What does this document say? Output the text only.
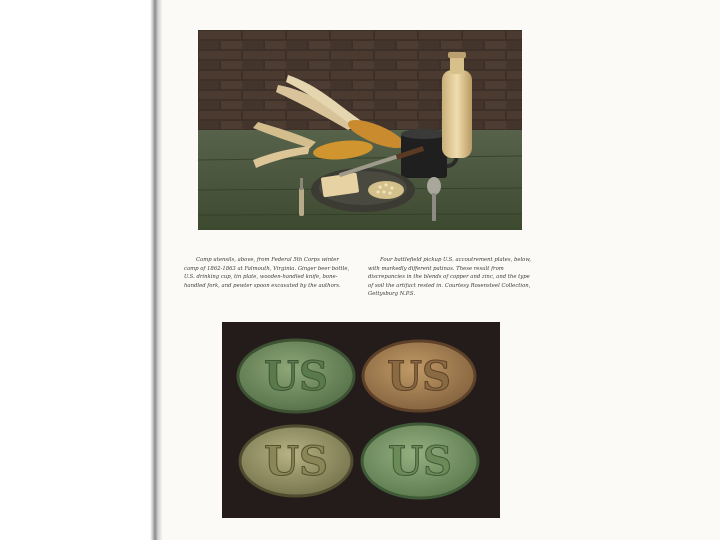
Camp utensils, above, from Federal 5th Corps winter camp of 1862-1863 at Falmouth, Virginia. Ginger beer bottle, U.S. drinking cup, tin plate, wooden-handled knife, bone-handled fork, and pewter spoon excavated by the authors.

Four battlefield pickup U.S. accoutrement plates, below, with markedly different patinas. These result from discrepancies in the blends of copper and zinc, and the type of soil the artifact rested in. Courtesy Rosensteel Collection, Gettysburg N.P.S.

US US
US US
